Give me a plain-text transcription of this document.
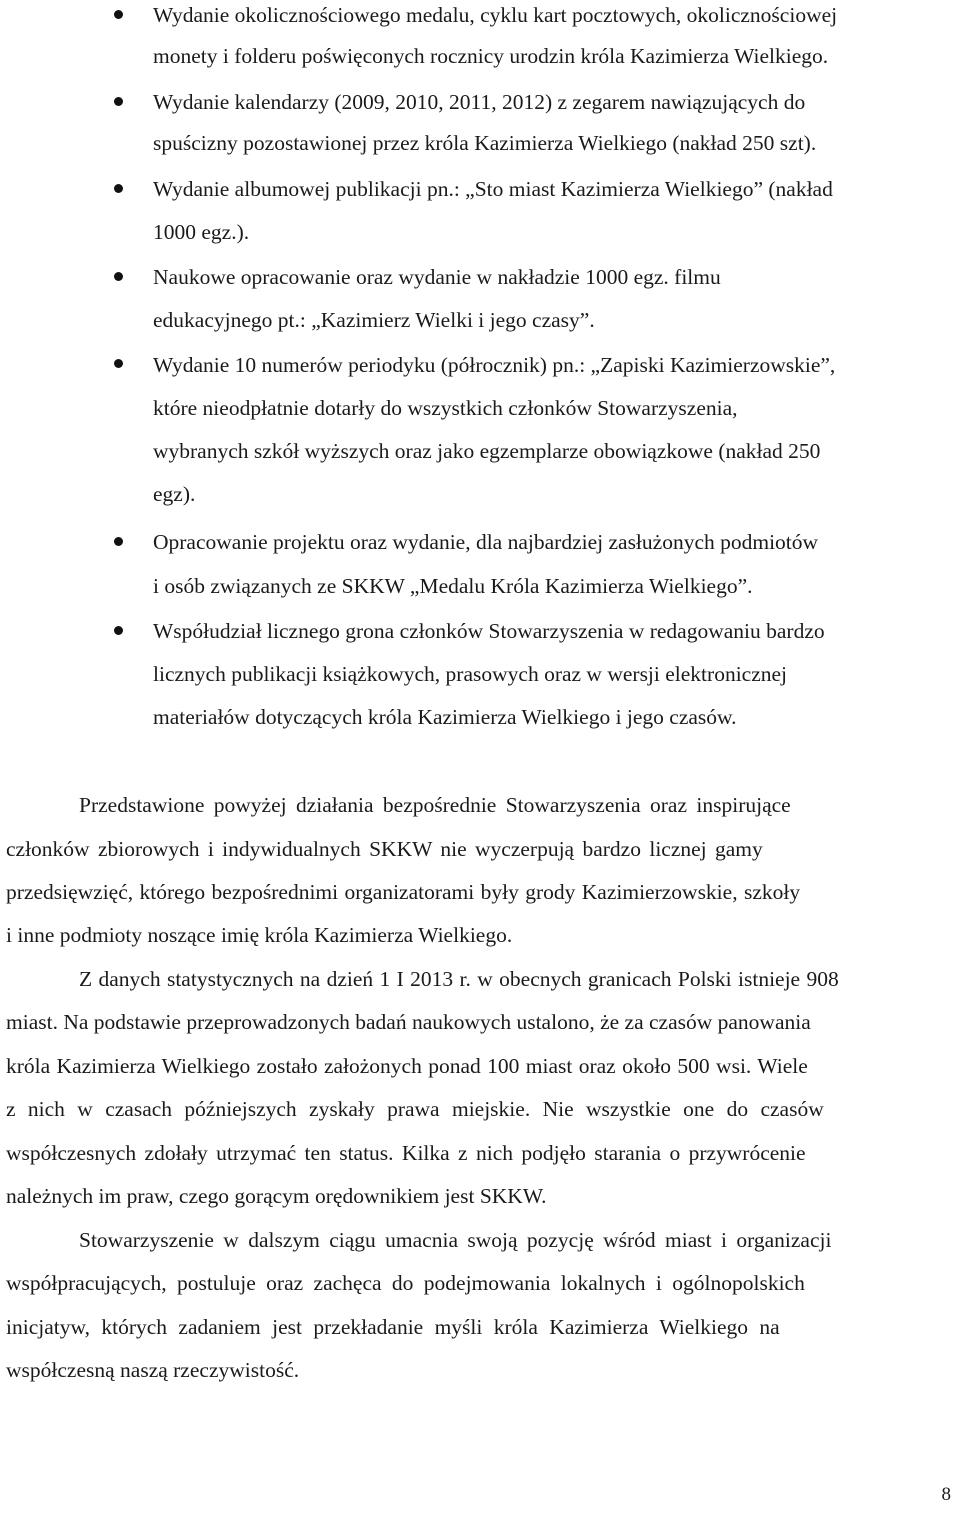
Wydanie okolicznościowego medalu, cyklu kart pocztowych, okolicznościowej
monety i folderu poświęconych rocznicy urodzin króla Kazimierza Wielkiego.
Wydanie kalendarzy (2009, 2010, 2011, 2012) z zegarem nawiązujących do
spuścizny pozostawionej przez króla Kazimierza Wielkiego (nakład 250 szt).
Wydanie albumowej publikacji pn.: „Sto miast Kazimierza Wielkiego” (nakład
1000 egz.).
Naukowe opracowanie oraz wydanie w nakładzie 1000 egz. filmu
edukacyjnego pt.: „Kazimierz Wielki i jego czasy”.
Wydanie 10 numerów periodyku (półrocznik) pn.: „Zapiski Kazimierzowskie”,
które nieodpłatnie dotarły do wszystkich członków Stowarzyszenia,
wybranych szkół wyższych oraz jako egzemplarze obowiązkowe (nakład 250
egz).
Opracowanie projektu oraz wydanie, dla najbardziej zasłużonych podmiotów
i osób związanych ze SKKW „Medalu Króla Kazimierza Wielkiego”.
Współudział licznego grona członków Stowarzyszenia w redagowaniu bardzo
licznych publikacji książkowych, prasowych oraz w wersji elektronicznej
materiałów dotyczących króla Kazimierza Wielkiego i jego czasów.
Przedstawione powyżej działania bezpośrednie Stowarzyszenia oraz inspirujące
członków zbiorowych i indywidualnych SKKW nie wyczerpują bardzo licznej gamy
przedsięwzięć, którego bezpośrednimi organizatorami były grody Kazimierzowskie, szkoły
i inne podmioty noszące imię króla Kazimierza Wielkiego.
Z danych statystycznych na dzień 1 I 2013 r. w obecnych granicach Polski istnieje 908
miast. Na podstawie przeprowadzonych badań naukowych ustalono, że za czasów panowania
króla Kazimierza Wielkiego zostało założonych ponad 100 miast oraz około 500 wsi. Wiele
z nich w czasach późniejszych zyskały prawa miejskie. Nie wszystkie one do czasów
współczesnych zdołały utrzymać ten status. Kilka z nich podjęło starania o przywrócenie
należnych im praw, czego gorącym orędownikiem jest SKKW.
Stowarzyszenie w dalszym ciągu umacnia swoją pozycję wśród miast i organizacji
współpracujących, postuluje oraz zachęca do podejmowania lokalnych i ogólnopolskich
inicjatyw, których zadaniem jest przekładanie myśli króla Kazimierza Wielkiego na
współczesną naszą rzeczywistość.
8
